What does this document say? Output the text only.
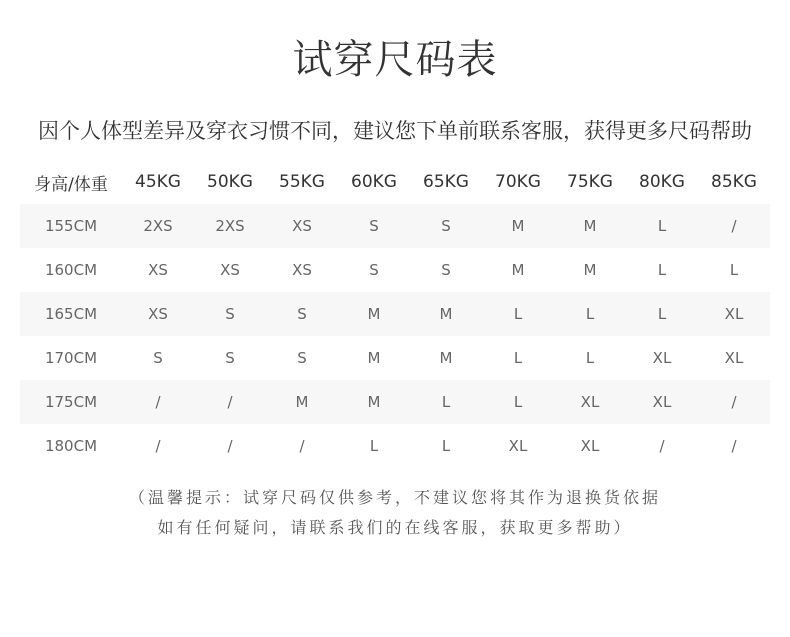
试穿尺码表
因个人体型差异及穿衣习惯不同，建议您下单前联系客服，获得更多尺码帮助
身高/体重	45KG	50KG	55KG	60KG	65KG	70KG	75KG	80KG	85KG
155CM	2XS	2XS	XS	S	S	M	M	L	/
160CM	XS	XS	XS	S	S	M	M	L	L
165CM	XS	S	S	M	M	L	L	L	XL
170CM	S	S	S	M	M	L	L	XL	XL
175CM	/	/	M	M	L	L	XL	XL	/
180CM	/	/	/	L	L	XL	XL	/	/
（温馨提示：试穿尺码仅供参考，不建议您将其作为退换货依据
如有任何疑问，请联系我们的在线客服，获取更多帮助）
